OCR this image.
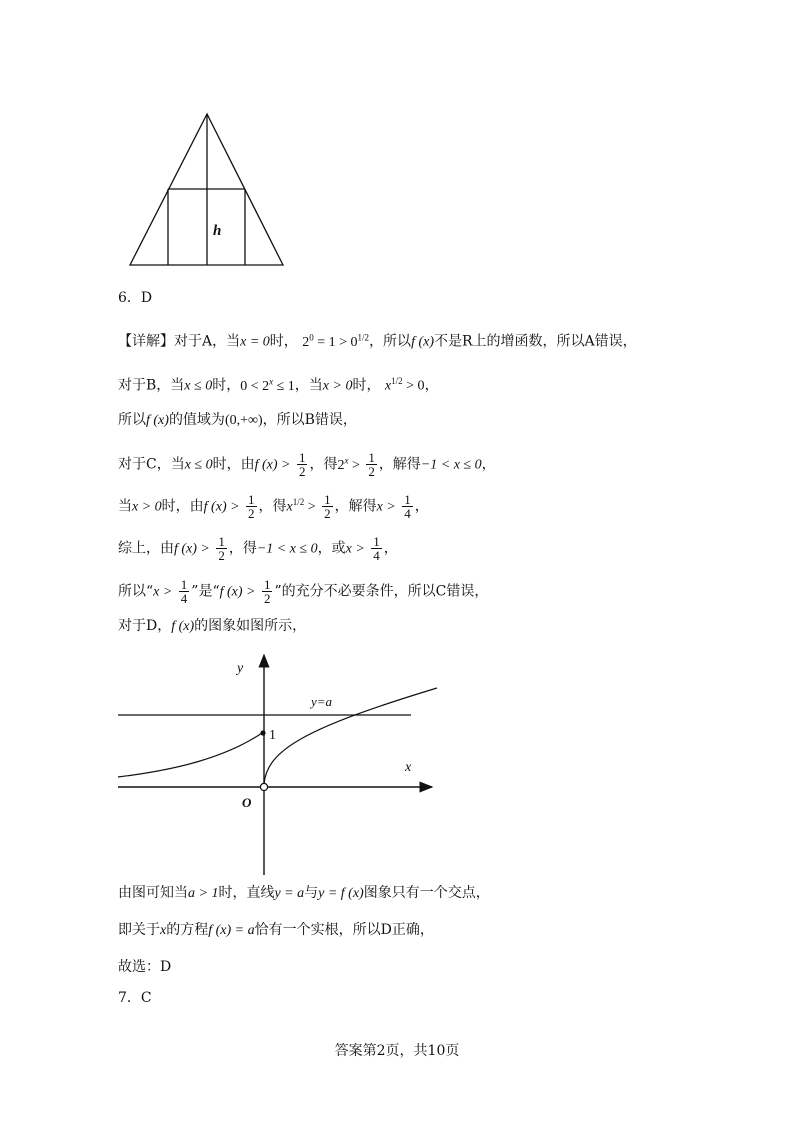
h
6．D
【详解】对于A，当x = 0时， $2^0 = 1 > 0^{1/2}$，所以f (x)不是R上的增函数，所以A错误，
对于B，当x ≤ 0时，$0 < 2^x \le 1$，当x > 0时， $x^{1/2} > 0$，
所以f (x)的值域为(0,+∞)，所以B错误，
对于C，当x ≤ 0时，由f $(x) > \frac{1}{2}$ ，得$2^x > \frac{1}{2}$ ，解得−1 < x ≤ 0，
当x > 0时，由f $(x) > \frac{1}{2}$ ，得$x^{1/2} > \frac{1}{2}$ ，解得$x > \frac{1}{4}$ ，
综上，由f $(x) > \frac{1}{2}$ ，得−1 < x ≤ 0，或$x > \frac{1}{4}$ ，
所以“$x > \frac{1}{4}$ ”是“f $(x) > \frac{1}{2}$ ”的充分不必要条件，所以C错误，
对于D，f (x)的图象如图所示，
y
x
O
1
y=a
由图可知当a > 1时，直线y = a与y = f (x)图象只有一个交点，
即关于x的方程f (x) = a恰有一个实根，所以D正确，
故选：D
7．C
答案第2页，共10页
